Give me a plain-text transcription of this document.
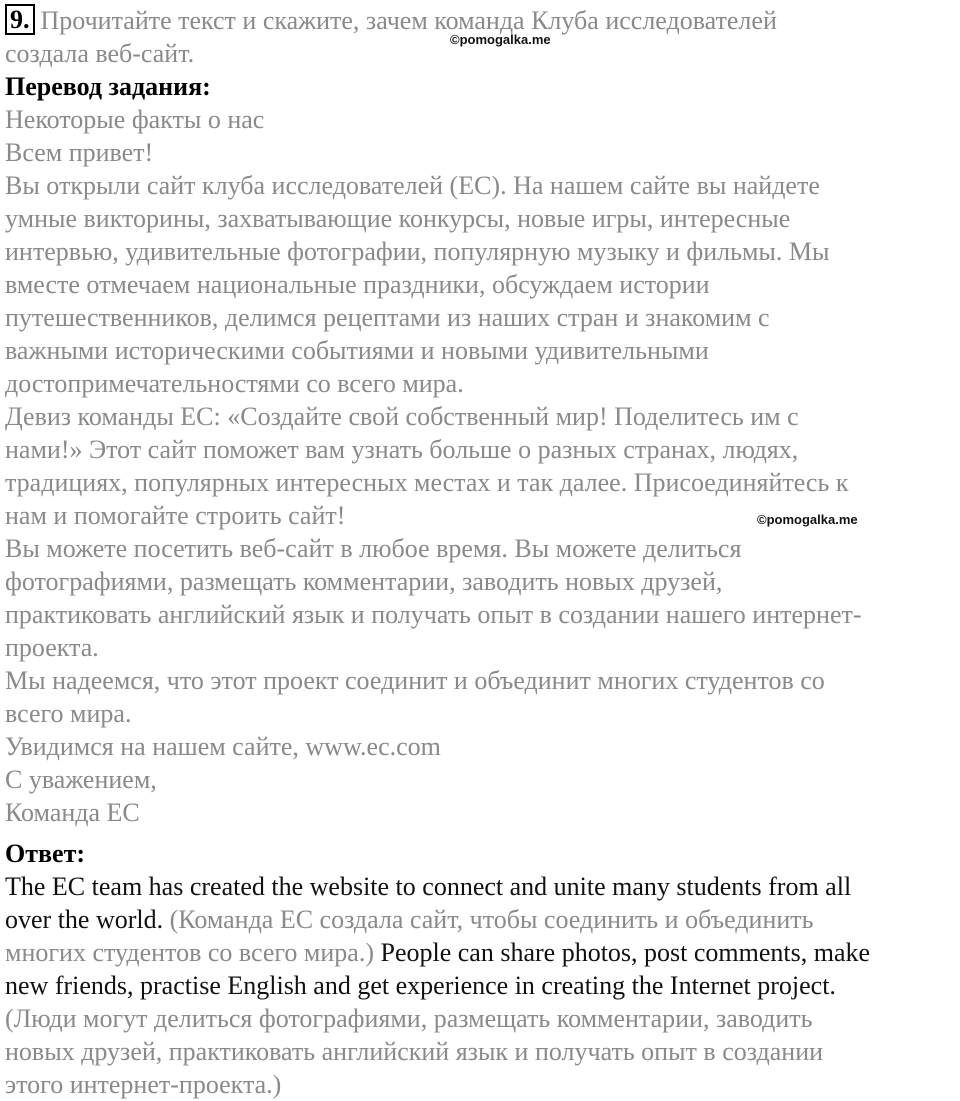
9. Прочитайте текст и скажите, зачем команда Клуба исследователей
создала веб-сайт.
Перевод задания:
Некоторые факты о нас
Всем привет!
Вы открыли сайт клуба исследователей (ЕС). На нашем сайте вы найдете
умные викторины, захватывающие конкурсы, новые игры, интересные
интервью, удивительные фотографии, популярную музыку и фильмы. Мы
вместе отмечаем национальные праздники, обсуждаем истории
путешественников, делимся рецептами из наших стран и знакомим с
важными историческими событиями и новыми удивительными
достопримечательностями со всего мира.
Девиз команды ЕС: «Создайте свой собственный мир! Поделитесь им с
нами!» Этот сайт поможет вам узнать больше о разных странах, людях,
традициях, популярных интересных местах и так далее. Присоединяйтесь к
нам и помогайте строить сайт!
Вы можете посетить веб-сайт в любое время. Вы можете делиться
фотографиями, размещать комментарии, заводить новых друзей,
практиковать английский язык и получать опыт в создании нашего интернет-
проекта.
Мы надеемся, что этот проект соединит и объединит многих студентов со
всего мира.
Увидимся на нашем сайте, www.ec.com
С уважением,
Команда ЕС
Ответ:
The EC team has created the website to connect and unite many students from all
over the world. (Команда ЕС создала сайт, чтобы соединить и объединить
многих студентов со всего мира.) People can share photos, post comments, make
new friends, practise English and get experience in creating the Internet project.
(Люди могут делиться фотографиями, размещать комментарии, заводить
новых друзей, практиковать английский язык и получать опыт в создании
этого интернет-проекта.)
©pomogalka.me
©pomogalka.me
